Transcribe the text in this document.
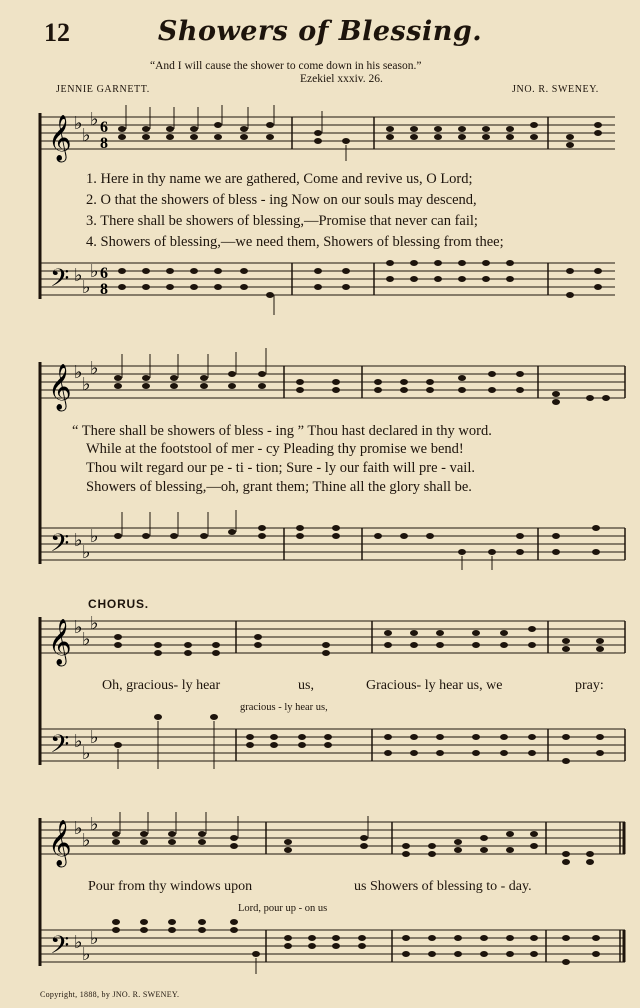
12	Showers of Blessing.
“And I will cause the shower to come down in his season.”
Ezekiel xxxiv. 26.
JENNIE GARNETT.	JNO. R. SWENEY.
𝄞
𝄢
♭
♭
♭
♭
♭
♭
6
8
6
8
1. Here in thy name we are gathered, Come and revive us, O Lord;
2. O that the showers of bless - ing Now on our souls may descend,
3. There shall be showers of blessing,—Promise that never can fail;
4. Showers of blessing,—we need them, Showers of blessing from thee;
𝄞
𝄢
♭
♭
♭
♭
♭
♭
“ There shall be showers of bless - ing ” Thou hast declared in thy word.
While at the footstool of mer - cy Pleading thy promise we bend!
Thou wilt regard our pe - ti - tion; Sure - ly our faith will pre - vail.
Showers of blessing,—oh, grant them; Thine all the glory shall be.
CHORUS.
𝄞
𝄢
♭
♭
♭
♭
♭
♭
Oh, gracious- ly hear	us,	Gracious- ly hear us, we	pray:
gracious - ly hear us,
𝄞
𝄢
♭
♭
♭
♭
♭
♭
Pour from thy windows upon	us Showers of blessing to - day.
Lord, pour up - on us
Copyright, 1888, by JNO. R. SWENEY.
